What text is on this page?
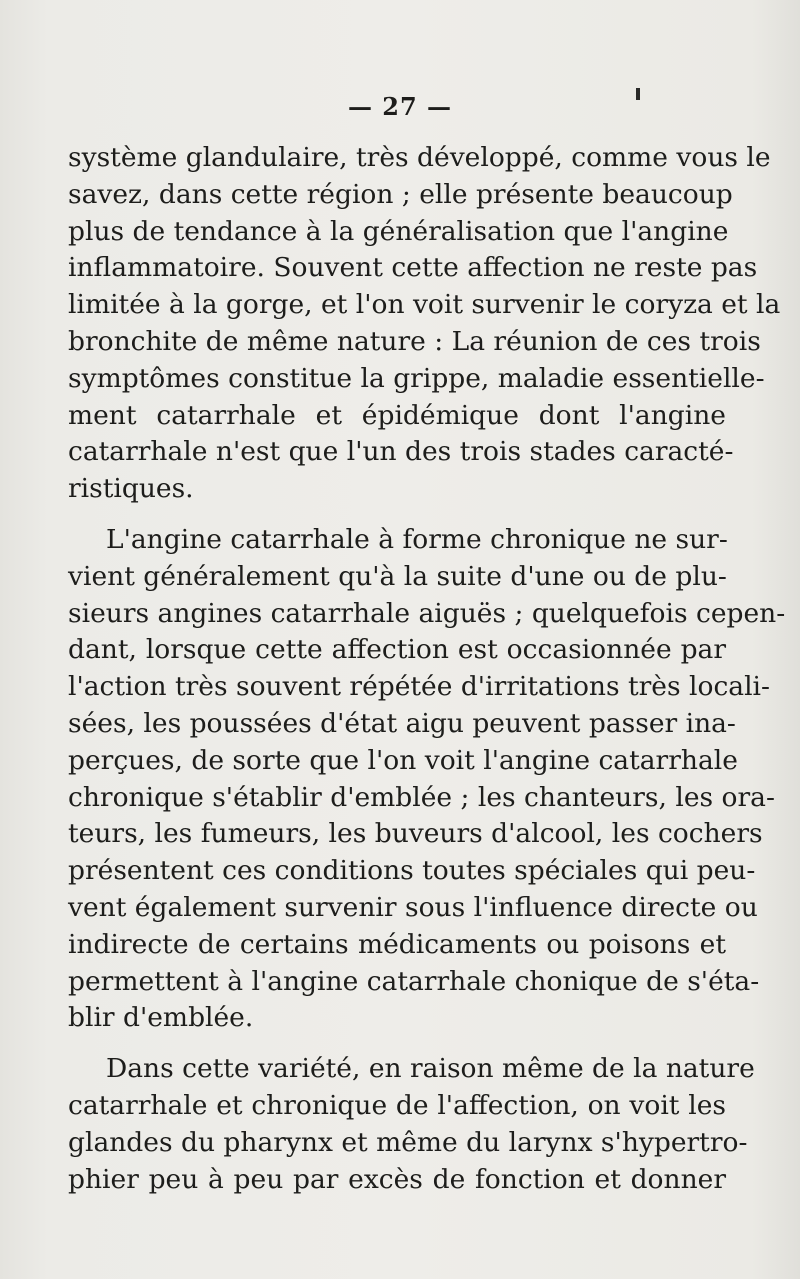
— 27 —
système glandulaire, très développé, comme vous le
savez, dans cette région ; elle présente beaucoup
plus de tendance à la généralisation que l'angine
inflammatoire. Souvent cette affection ne reste pas
limitée à la gorge, et l'on voit survenir le coryza et la
bronchite de même nature : La réunion de ces trois
symptômes constitue la grippe, maladie essentielle-
ment catarrhale et épidémique dont l'angine
catarrhale n'est que l'un des trois stades caracté-
ristiques.
L'angine catarrhale à forme chronique ne sur-
vient généralement qu'à la suite d'une ou de plu-
sieurs angines catarrhale aiguës ; quelquefois cepen-
dant, lorsque cette affection est occasionnée par
l'action très souvent répétée d'irritations très locali-
sées, les poussées d'état aigu peuvent passer ina-
perçues, de sorte que l'on voit l'angine catarrhale
chronique s'établir d'emblée ; les chanteurs, les ora-
teurs, les fumeurs, les buveurs d'alcool, les cochers
présentent ces conditions toutes spéciales qui peu-
vent également survenir sous l'influence directe ou
indirecte de certains médicaments ou poisons et
permettent à l'angine catarrhale chonique de s'éta-
blir d'emblée.
Dans cette variété, en raison même de la nature
catarrhale et chronique de l'affection, on voit les
glandes du pharynx et même du larynx s'hypertro-
phier peu à peu par excès de fonction et donner
